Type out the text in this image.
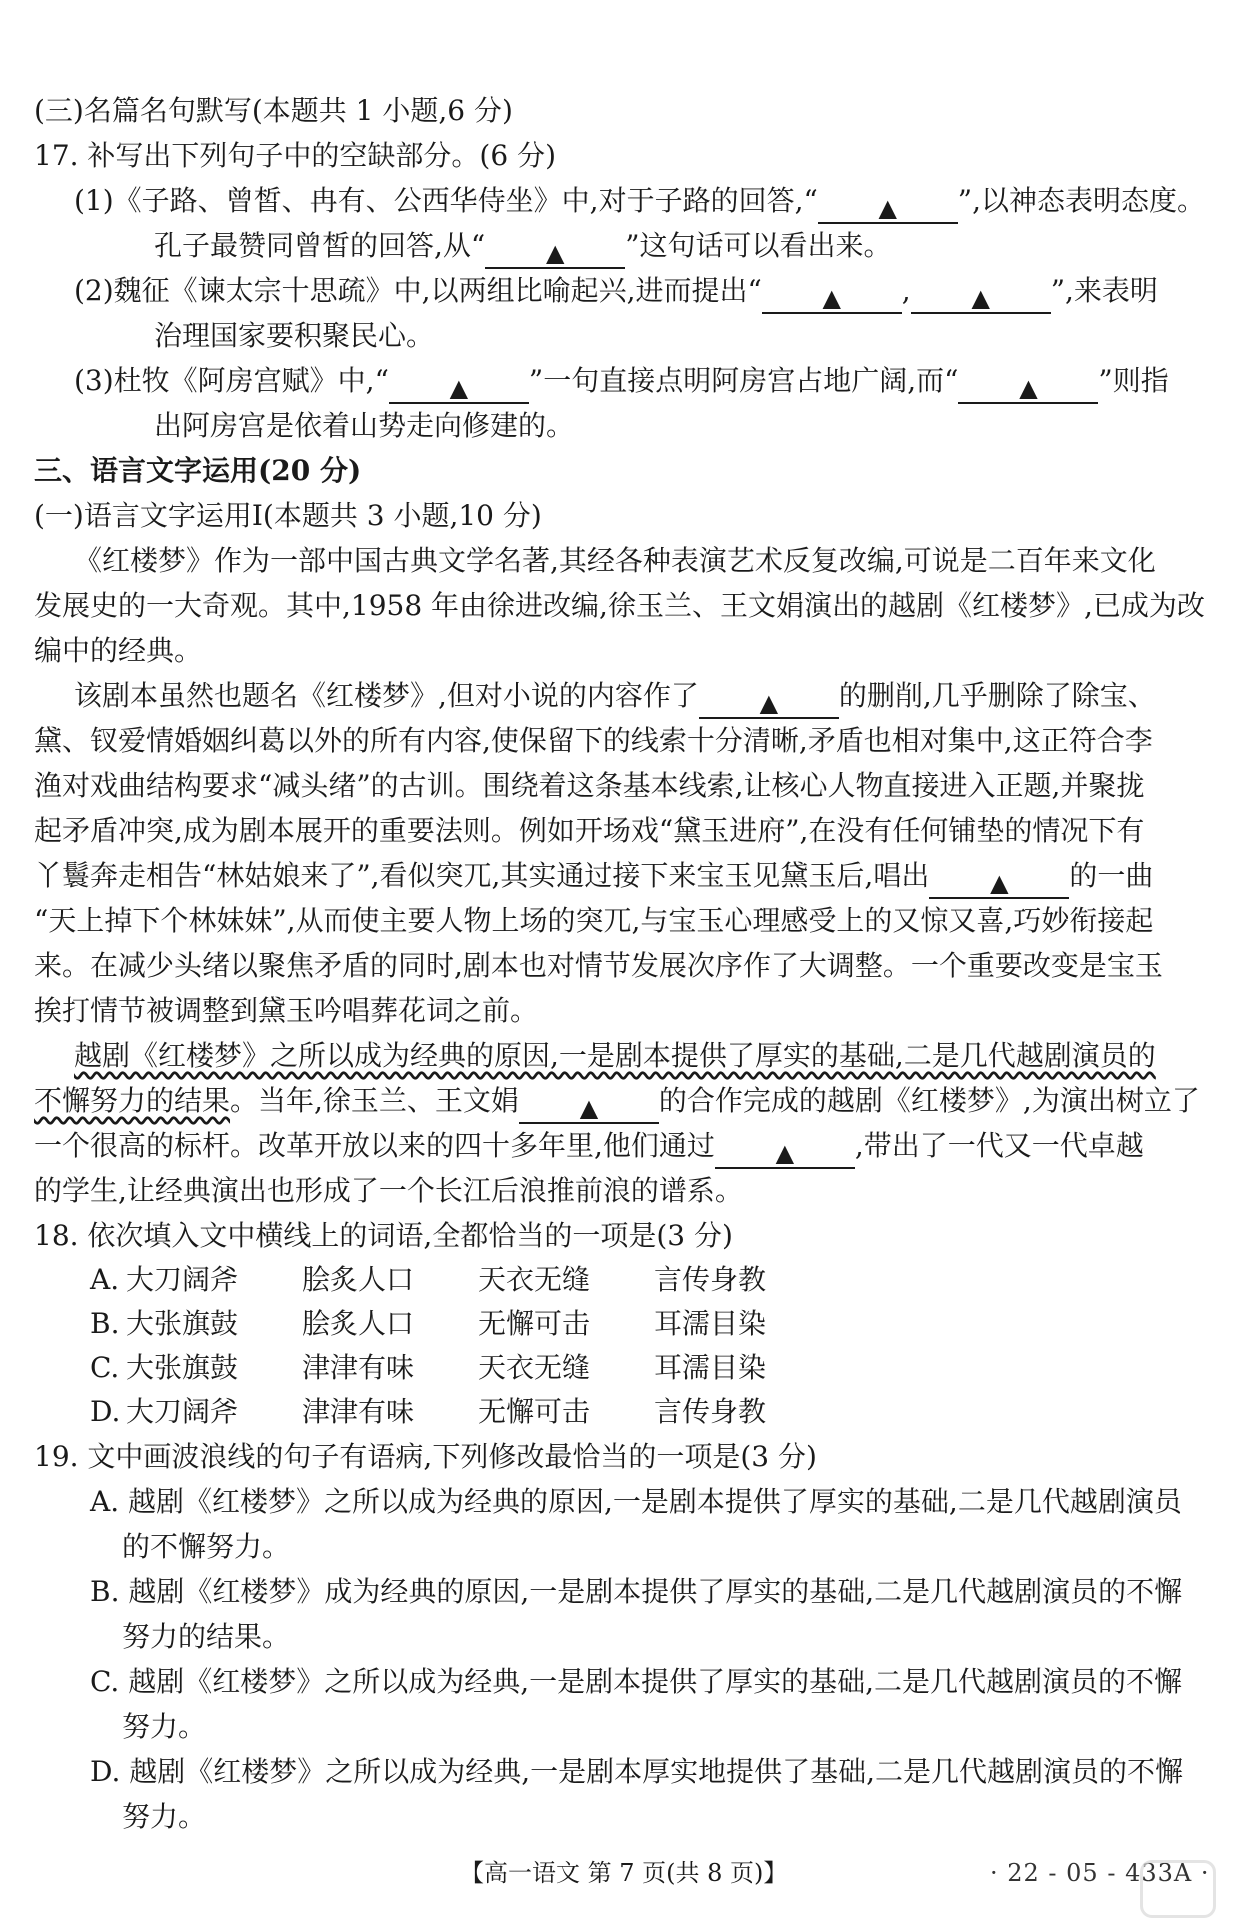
(三)名篇名句默写(本题共 1 小题,6 分)
17. 补写出下列句子中的空缺部分。(6 分)
(1)《子路、曾皙、冉有、公西华侍坐》中,对于子路的回答,“	▲ ”,以神态表明态度。
孔子最赞同曾皙的回答,从“	▲ ”这句话可以看出来。
(2)魏征《谏太宗十思疏》中,以两组比喻起兴,进而提出“	▲ ,	▲ ”,来表明
治理国家要积聚民心。
(3)杜牧《阿房宫赋》中,“	▲ ”一句直接点明阿房宫占地广阔,而“	▲ ”则指
出阿房宫是依着山势走向修建的。
三、语言文字运用(20 分)
(一)语言文字运用Ⅰ(本题共 3 小题,10 分)
《红楼梦》作为一部中国古典文学名著,其经各种表演艺术反复改编,可说是二百年来文化
发展史的一大奇观。其中,1958 年由徐进改编,徐玉兰、王文娟演出的越剧《红楼梦》,已成为改
编中的经典。
该剧本虽然也题名《红楼梦》,但对小说的内容作了	▲ 的删削,几乎删除了除宝、
黛、钗爱情婚姻纠葛以外的所有内容,使保留下的线索十分清晰,矛盾也相对集中,这正符合李
渔对戏曲结构要求“减头绪”的古训。围绕着这条基本线索,让核心人物直接进入正题,并聚拢
起矛盾冲突,成为剧本展开的重要法则。例如开场戏“黛玉进府”,在没有任何铺垫的情况下有
丫鬟奔走相告“林姑娘来了”,看似突兀,其实通过接下来宝玉见黛玉后,唱出	▲ 的一曲
“天上掉下个林妹妹”,从而使主要人物上场的突兀,与宝玉心理感受上的又惊又喜,巧妙衔接起
来。在减少头绪以聚焦矛盾的同时,剧本也对情节发展次序作了大调整。一个重要改变是宝玉
挨打情节被调整到黛玉吟唱葬花词之前。
越剧《红楼梦》之所以成为经典的原因,一是剧本提供了厚实的基础,二是几代越剧演员的
不懈努力的结果。当年,徐玉兰、王文娟	▲ 的合作完成的越剧《红楼梦》,为演出树立了
一个很高的标杆。改革开放以来的四十多年里,他们通过	▲ ,带出了一代又一代卓越
的学生,让经典演出也形成了一个长江后浪推前浪的谱系。
18. 依次填入文中横线上的词语,全都恰当的一项是(3 分)
A. 大刀阔斧 脍炙人口 天衣无缝 言传身教
B. 大张旗鼓 脍炙人口 无懈可击 耳濡目染
C. 大张旗鼓 津津有味 天衣无缝 耳濡目染
D. 大刀阔斧 津津有味 无懈可击 言传身教
19. 文中画波浪线的句子有语病,下列修改最恰当的一项是(3 分)
A. 越剧《红楼梦》之所以成为经典的原因,一是剧本提供了厚实的基础,二是几代越剧演员
的不懈努力。
B. 越剧《红楼梦》成为经典的原因,一是剧本提供了厚实的基础,二是几代越剧演员的不懈
努力的结果。
C. 越剧《红楼梦》之所以成为经典,一是剧本提供了厚实的基础,二是几代越剧演员的不懈
努力。
D. 越剧《红楼梦》之所以成为经典,一是剧本厚实地提供了基础,二是几代越剧演员的不懈
努力。
【高一语文 第 7 页(共 8 页)】	· 22 - 05 - 433A ·
